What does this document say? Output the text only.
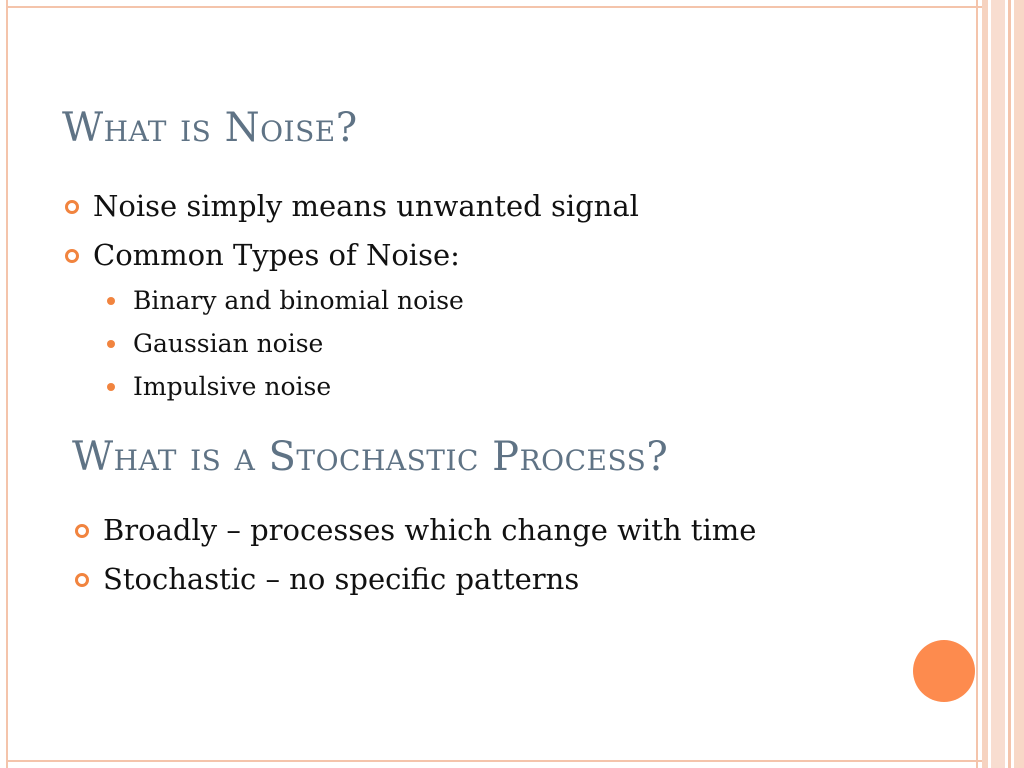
What is Noise?
Noise simply means unwanted signal
Common Types of Noise:
Binary and binomial noise
Gaussian noise
Impulsive noise
What is a Stochastic Process?
Broadly – processes which change with time
Stochastic – no specific patterns
